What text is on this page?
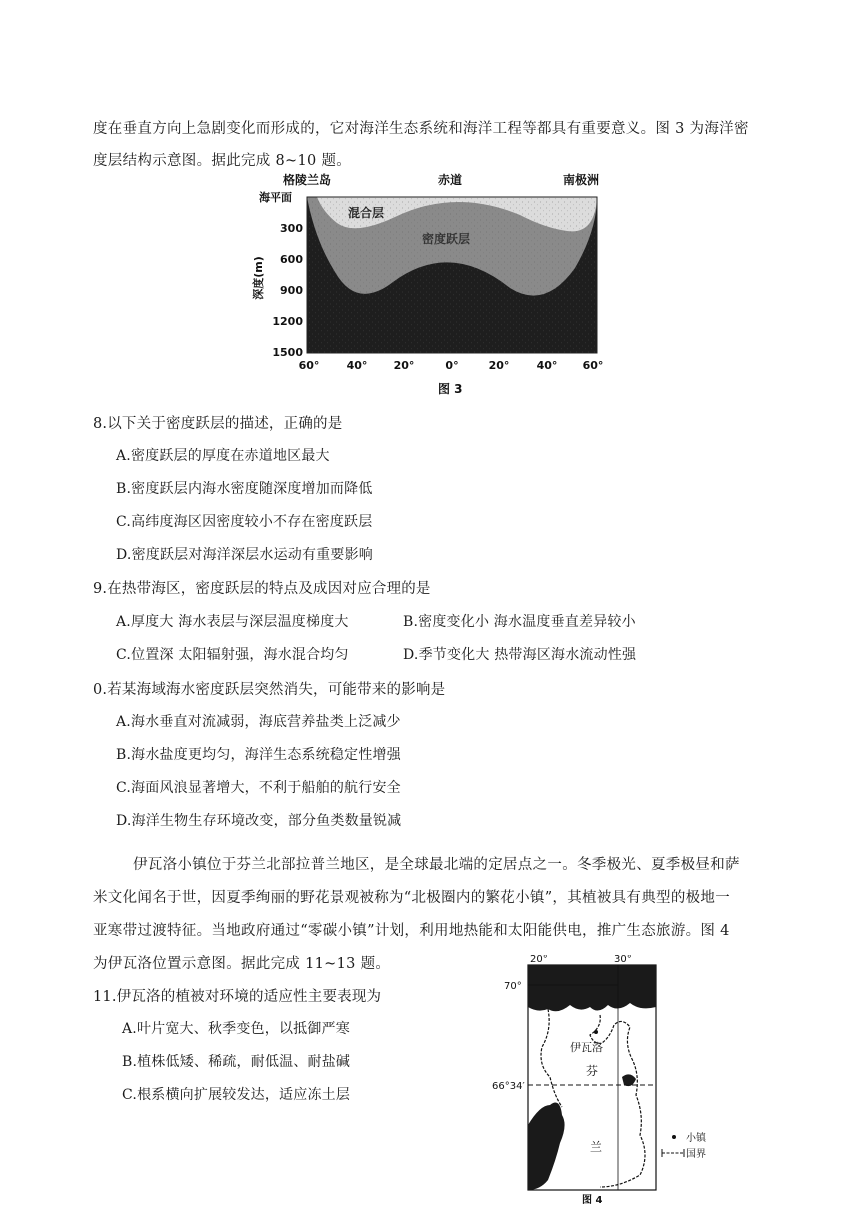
度在垂直方向上急剧变化而形成的，它对海洋生态系统和海洋工程等都具有重要意义。图 3 为海洋密
度层结构示意图。据此完成 8~10 题。
格陵兰岛	赤道	南极洲
混合层
密度跃层
海平面
300
600
900
1200
1500
深度(m)
60° 40° 20°	0°	20° 40° 60°
图 3
8.以下关于密度跃层的描述，正确的是
A.密度跃层的厚度在赤道地区最大
B.密度跃层内海水密度随深度增加而降低
C.高纬度海区因密度较小不存在密度跃层
D.密度跃层对海洋深层水运动有重要影响
9.在热带海区，密度跃层的特点及成因对应合理的是
A.厚度大 海水表层与深层温度梯度大	B.密度变化小 海水温度垂直差异较小
C.位置深 太阳辐射强，海水混合均匀	D.季节变化大 热带海区海水流动性强
0.若某海域海水密度跃层突然消失，可能带来的影响是
A.海水垂直对流减弱，海底营养盐类上泛减少
B.海水盐度更均匀，海洋生态系统稳定性增强
C.海面风浪显著增大，不利于船舶的航行安全
D.海洋生物生存环境改变，部分鱼类数量锐减
伊瓦洛小镇位于芬兰北部拉普兰地区，是全球最北端的定居点之一。冬季极光、夏季极昼和萨
米文化闻名于世，因夏季绚丽的野花景观被称为“北极圈内的繁花小镇”，其植被具有典型的极地一
亚寒带过渡特征。当地政府通过“零碳小镇”计划，利用地热能和太阳能供电，推广生态旅游。图 4
为伊瓦洛位置示意图。据此完成 11~13 题。
11.伊瓦洛的植被对环境的适应性主要表现为
A.叶片宽大、秋季变色，以抵御严寒
B.植株低矮、稀疏，耐低温、耐盐碱
C.根系横向扩展较发达，适应冻土层
20°	30°
70°
66°34′
伊瓦洛
芬
兰
小镇
国界
图 4
